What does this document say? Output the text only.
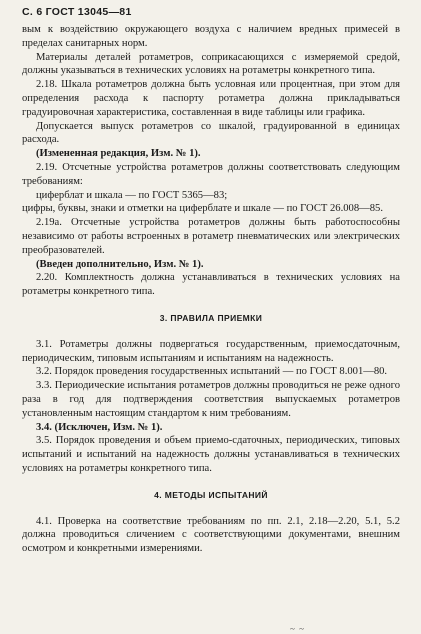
С. 6 ГОСТ 13045—81

вым к воздействию окружающего воздуха с наличием вредных примесей в пределах санитарных норм.

Материалы деталей ротаметров, соприкасающихся с измеряемой средой, должны указываться в технических условиях на ротаметры конкретного типа.

2.18. Шкала ротаметров должна быть условная или процентная, при этом для определения расхода к паспорту ротаметра должна прикладываться градуировочная характеристика, составленная в виде таблицы или графика.

Допускается выпуск ротаметров со шкалой, градуированной в единицах расхода.

(Измененная редакция, Изм. № 1).

2.19. Отсчетные устройства ротаметров должны соответствовать следующим требованиям:

циферблат и шкала — по ГОСТ 5365—83;

цифры, буквы, знаки и отметки на циферблате и шкале — по ГОСТ 26.008—85.

2.19а. Отсчетные устройства ротаметров должны быть работоспособны независимо от работы встроенных в ротаметр пневматических или электрических преобразователей.

(Введен дополнительно, Изм. № 1).

2.20. Комплектность должна устанавливаться в технических условиях на ротаметры конкретного типа.

3. ПРАВИЛА ПРИЕМКИ

3.1. Ротаметры должны подвергаться государственным, приемосдаточным, периодическим, типовым испытаниям и испытаниям на надежность.

3.2. Порядок проведения государственных испытаний — по ГОСТ 8.001—80.

3.3. Периодические испытания ротаметров должны проводиться не реже одного раза в год для подтверждения соответствия выпускаемых ротаметров установленным настоящим стандартом к ним требованиям.

3.4. (Исключен, Изм. № 1).

3.5. Порядок проведения и объем приемо-сдаточных, периодических, типовых испытаний и испытаний на надежность должны устанавливаться в технических условиях на ротаметры конкретного типа.

4. МЕТОДЫ ИСПЫТАНИЙ

4.1. Проверка на соответствие требованиям по пп. 2.1, 2.18—2.20, 5.1, 5.2 должна проводиться сличением с соответствующими документами, внешним осмотром и конкретными измерениями.

~ ~
